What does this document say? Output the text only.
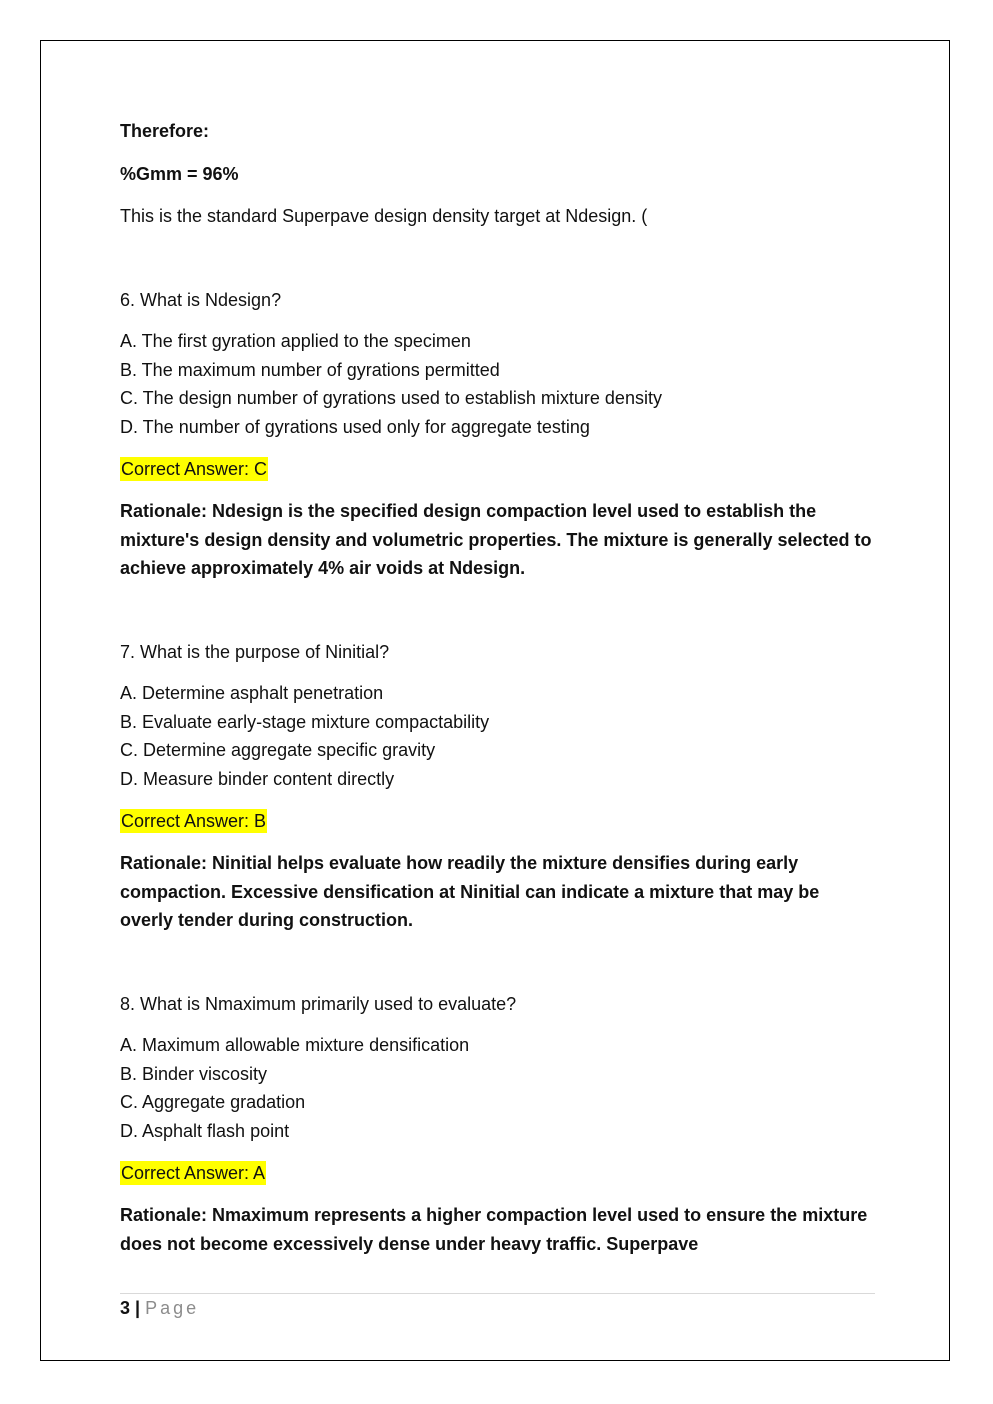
Therefore:

%Gmm = 96%

This is the standard Superpave design density target at Ndesign. (

6. What is Ndesign?

A. The first gyration applied to the specimen
B. The maximum number of gyrations permitted
C. The design number of gyrations used to establish mixture density
D. The number of gyrations used only for aggregate testing
Correct Answer: C

Rationale: Ndesign is the specified design compaction level used to establish the mixture's design density and volumetric properties. The mixture is generally selected to achieve approximately 4% air voids at Ndesign.

7. What is the purpose of Ninitial?

A. Determine asphalt penetration
B. Evaluate early-stage mixture compactability
C. Determine aggregate specific gravity
D. Measure binder content directly
Correct Answer: B

Rationale: Ninitial helps evaluate how readily the mixture densifies during early compaction. Excessive densification at Ninitial can indicate a mixture that may be overly tender during construction.

8. What is Nmaximum primarily used to evaluate?

A. Maximum allowable mixture densification
B. Binder viscosity
C. Aggregate gradation
D. Asphalt flash point
Correct Answer: A

Rationale: Nmaximum represents a higher compaction level used to ensure the mixture does not become excessively dense under heavy traffic. Superpave

3 | Page
